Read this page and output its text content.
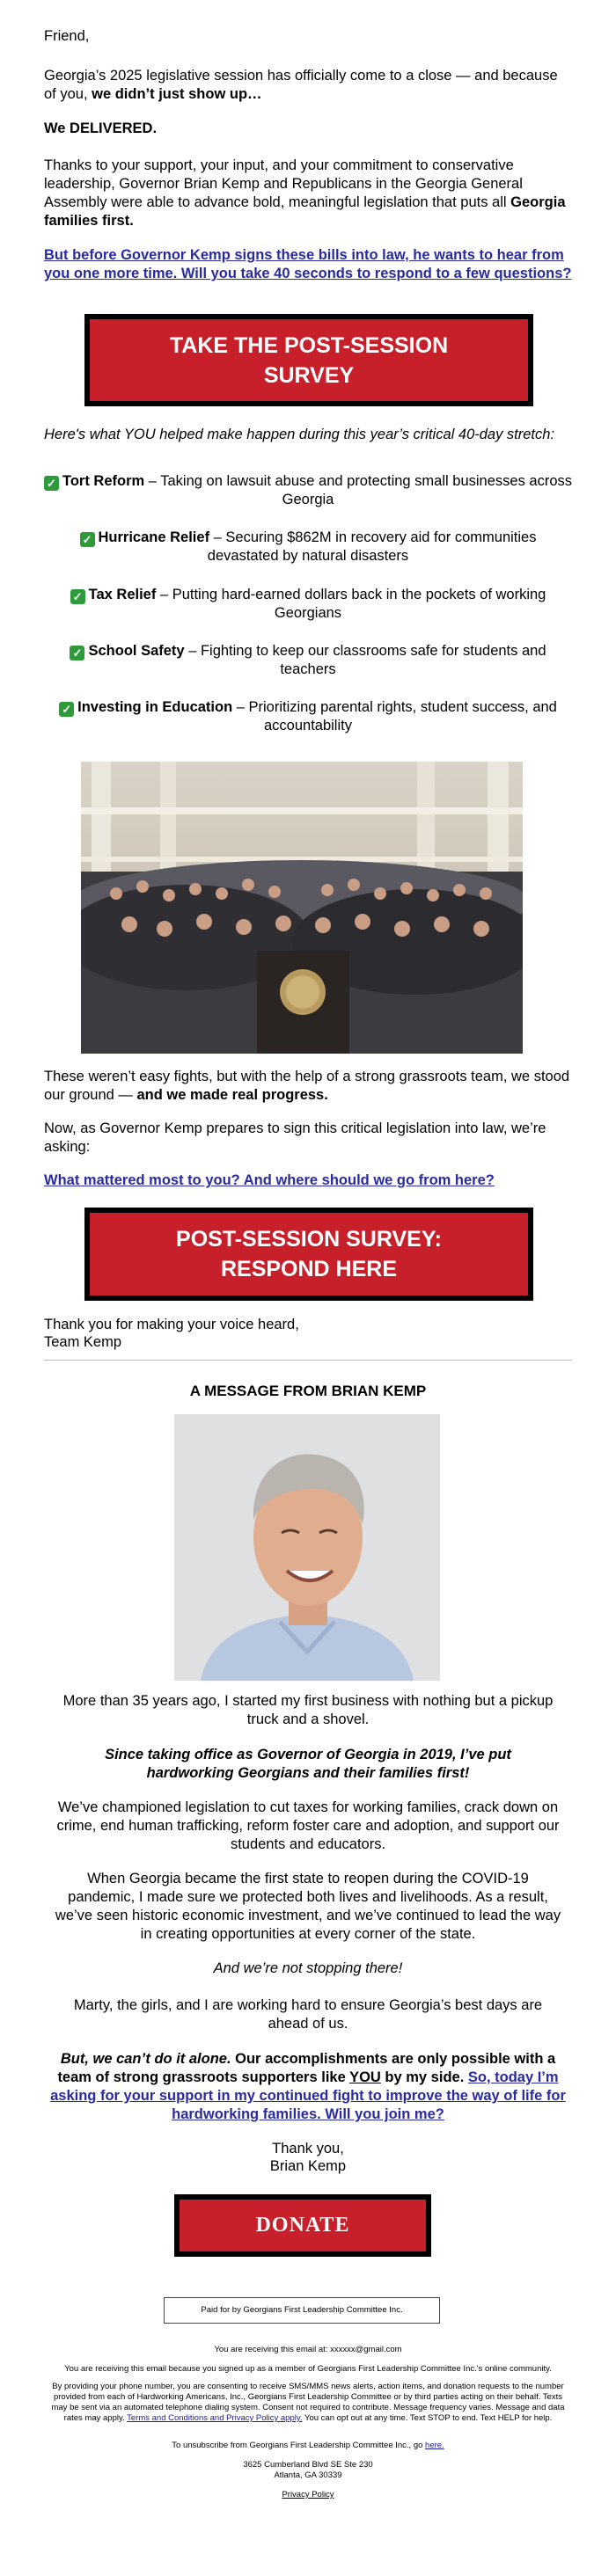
Friend,
Georgia’s 2025 legislative session has officially come to a close — and because of you, we didn’t just show up…
We DELIVERED.
Thanks to your support, your input, and your commitment to conservative leadership, Governor Brian Kemp and Republicans in the Georgia General Assembly were able to advance bold, meaningful legislation that puts all Georgia families first.
But before Governor Kemp signs these bills into law, he wants to hear from you one more time. Will you take 40 seconds to respond to a few questions?
TAKE THE POST-SESSION SURVEY
Here's what YOU helped make happen during this year’s critical 40-day stretch:
✓ Tort Reform – Taking on lawsuit abuse and protecting small businesses across Georgia
✓ Hurricane Relief – Securing $862M in recovery aid for communities devastated by natural disasters
✓ Tax Relief – Putting hard-earned dollars back in the pockets of working Georgians
✓ School Safety – Fighting to keep our classrooms safe for students and teachers
✓ Investing in Education – Prioritizing parental rights, student success, and accountability
These weren’t easy fights, but with the help of a strong grassroots team, we stood our ground — and we made real progress.
Now, as Governor Kemp prepares to sign this critical legislation into law, we’re asking:
What mattered most to you? And where should we go from here?
POST-SESSION SURVEY: RESPOND HERE
Thank you for making your voice heard,
Team Kemp
A MESSAGE FROM BRIAN KEMP
More than 35 years ago, I started my first business with nothing but a pickup truck and a shovel.
Since taking office as Governor of Georgia in 2019, I’ve put hardworking Georgians and their families first!
We’ve championed legislation to cut taxes for working families, crack down on crime, end human trafficking, reform foster care and adoption, and support our students and educators.
When Georgia became the first state to reopen during the COVID-19 pandemic, I made sure we protected both lives and livelihoods. As a result, we’ve seen historic economic investment, and we’ve continued to lead the way in creating opportunities at every corner of the state.
And we’re not stopping there!
Marty, the girls, and I are working hard to ensure Georgia’s best days are ahead of us.
But, we can’t do it alone. Our accomplishments are only possible with a team of strong grassroots supporters like YOU by my side. So, today I’m asking for your support in my continued fight to improve the way of life for hardworking families. Will you join me?
Thank you,
Brian Kemp
DONATE
Paid for by Georgians First Leadership Committee Inc.
You are receiving this email at: xxxxxx@gmail.com
You are receiving this email because you signed up as a member of Georgians First Leadership Committee Inc.'s online community.
By providing your phone number, you are consenting to receive SMS/MMS news alerts, action items, and donation requests to the number provided from each of Hardworking Americans, Inc., Georgians First Leadership Committee or by third parties acting on their behalf. Texts may be sent via an automated telephone dialing system. Consent not required to contribute. Message frequency varies. Message and data rates may apply. Terms and Conditions and Privacy Policy apply. You can opt out at any time. Text STOP to end. Text HELP for help.
To unsubscribe from Georgians First Leadership Committee Inc., go here.
3625 Cumberland Blvd SE Ste 230
Atlanta, GA 30339
Privacy Policy
